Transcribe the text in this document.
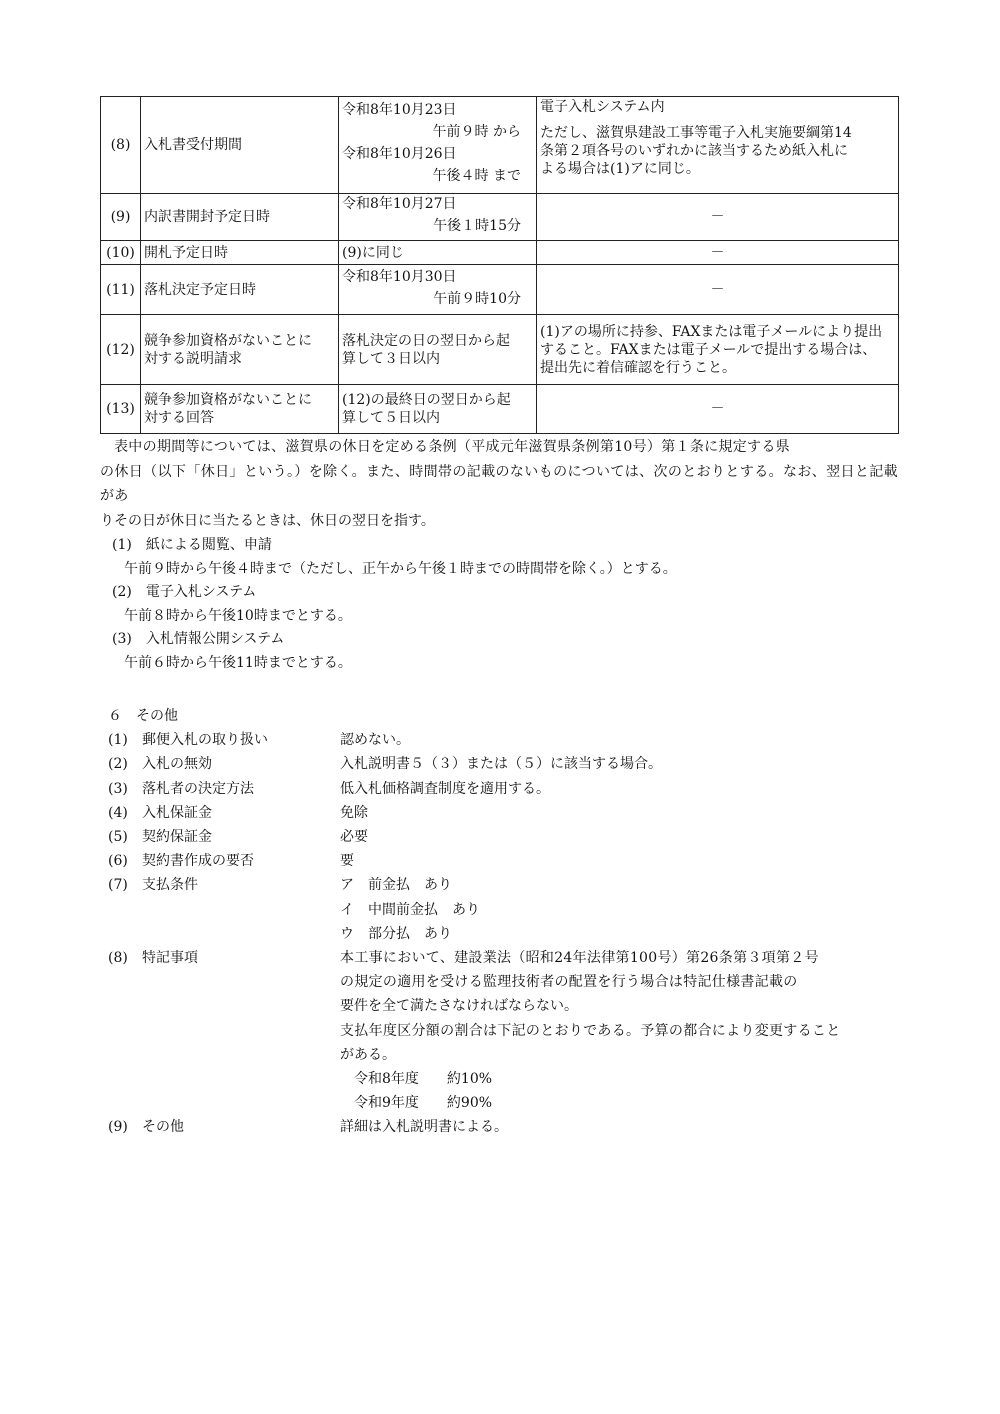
(8)	入札書受付期間	令和8年10月23日
午前９時 から
令和8年10月26日
午後４時 まで	電子入札システム内
ただし、滋賀県建設工事等電子入札実施要綱第14
条第２項各号のいずれかに該当するため紙入札に
よる場合は(1)アに同じ。

(9)	内訳書開封予定日時	令和8年10月27日
午後１時15分	－
(10)	開札予定日時	(9)に同じ	－
(11)	落札決定予定日時	令和8年10月30日
午前９時10分	－
(12)	競争参加資格がないことに
対する説明請求	落札決定の日の翌日から起
算して３日以内	(1)アの場所に持参、FAXまたは電子メールにより提出
すること。FAXまたは電子メールで提出する場合は、
提出先に着信確認を行うこと。

(13)	競争参加資格がないことに
対する回答	(12)の最終日の翌日から起
算して５日以内	－

表中の期間等については、滋賀県の休日を定める条例（平成元年滋賀県条例第10号）第１条に規定する県

の休日（以下「休日」という。）を除く。また、時間帯の記載のないものについては、次のとおりとする。なお、翌日と記載があ

りその日が休日に当たるときは、休日の翌日を指す。

(1)　紙による閲覧、申請
午前９時から午後４時まで（ただし、正午から午後１時までの時間帯を除く。）とする。
(2)　電子入札システム
午前８時から午後10時までとする。
(3)　入札情報公開システム
午前６時から午後11時までとする。
６　その他
(1)	郵便入札の取り扱い	認めない。
(2)	入札の無効	入札説明書５（３）または（５）に該当する場合。
(3)	落札者の決定方法	低入札価格調査制度を適用する。
(4)	入札保証金	免除
(5)	契約保証金	必要
(6)	契約書作成の要否	要
(7)	支払条件	ア　前金払　あり
イ　中間前金払　あり
ウ　部分払　あり
(8)	特記事項	本工事において、建設業法（昭和24年法律第100号）第26条第３項第２号
の規定の適用を受ける監理技術者の配置を行う場合は特記仕様書記載の
要件を全て満たさなければならない。
支払年度区分額の割合は下記のとおりである。予算の都合により変更すること
がある。
　令和8年度　　約10%
　令和9年度　　約90%
(9)	その他	詳細は入札説明書による。
